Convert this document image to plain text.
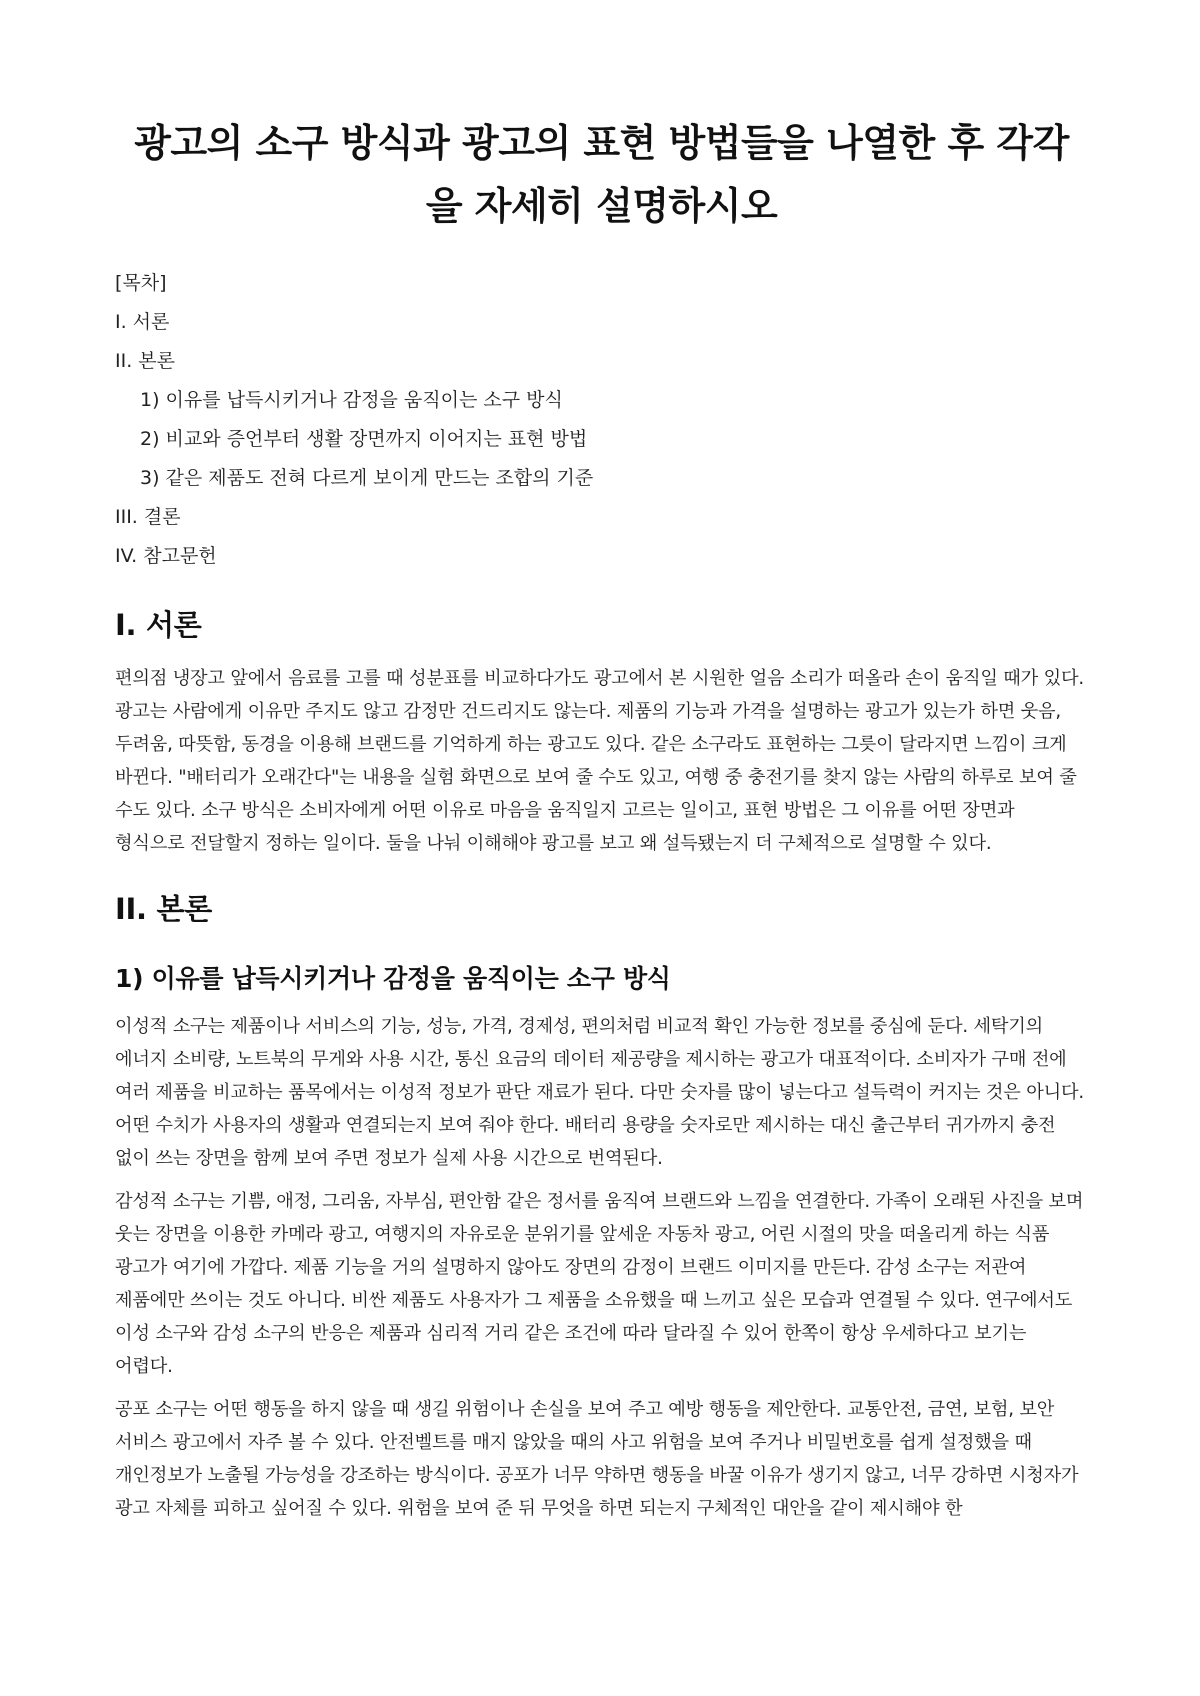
광고의 소구 방식과 광고의 표현 방법들을 나열한 후 각각을 자세히 설명하시오
[목차]
I. 서론
II. 본론
1) 이유를 납득시키거나 감정을 움직이는 소구 방식
2) 비교와 증언부터 생활 장면까지 이어지는 표현 방법
3) 같은 제품도 전혀 다르게 보이게 만드는 조합의 기준
III. 결론
IV. 참고문헌
I. 서론

편의점 냉장고 앞에서 음료를 고를 때 성분표를 비교하다가도 광고에서 본 시원한 얼음 소리가 떠올라 손이 움직일 때가 있다. 광고는 사람에게 이유만 주지도 않고 감정만 건드리지도 않는다. 제품의 기능과 가격을 설명하는 광고가 있는가 하면 웃음, 두려움, 따뜻함, 동경을 이용해 브랜드를 기억하게 하는 광고도 있다. 같은 소구라도 표현하는 그릇이 달라지면 느낌이 크게 바뀐다. "배터리가 오래간다"는 내용을 실험 화면으로 보여 줄 수도 있고, 여행 중 충전기를 찾지 않는 사람의 하루로 보여 줄 수도 있다. 소구 방식은 소비자에게 어떤 이유로 마음을 움직일지 고르는 일이고, 표현 방법은 그 이유를 어떤 장면과 형식으로 전달할지 정하는 일이다. 둘을 나눠 이해해야 광고를 보고 왜 설득됐는지 더 구체적으로 설명할 수 있다.

II. 본론
1) 이유를 납득시키거나 감정을 움직이는 소구 방식

이성적 소구는 제품이나 서비스의 기능, 성능, 가격, 경제성, 편의처럼 비교적 확인 가능한 정보를 중심에 둔다. 세탁기의 에너지 소비량, 노트북의 무게와 사용 시간, 통신 요금의 데이터 제공량을 제시하는 광고가 대표적이다. 소비자가 구매 전에 여러 제품을 비교하는 품목에서는 이성적 정보가 판단 재료가 된다. 다만 숫자를 많이 넣는다고 설득력이 커지는 것은 아니다. 어떤 수치가 사용자의 생활과 연결되는지 보여 줘야 한다. 배터리 용량을 숫자로만 제시하는 대신 출근부터 귀가까지 충전 없이 쓰는 장면을 함께 보여 주면 정보가 실제 사용 시간으로 번역된다.

감성적 소구는 기쁨, 애정, 그리움, 자부심, 편안함 같은 정서를 움직여 브랜드와 느낌을 연결한다. 가족이 오래된 사진을 보며 웃는 장면을 이용한 카메라 광고, 여행지의 자유로운 분위기를 앞세운 자동차 광고, 어린 시절의 맛을 떠올리게 하는 식품 광고가 여기에 가깝다. 제품 기능을 거의 설명하지 않아도 장면의 감정이 브랜드 이미지를 만든다. 감성 소구는 저관여 제품에만 쓰이는 것도 아니다. 비싼 제품도 사용자가 그 제품을 소유했을 때 느끼고 싶은 모습과 연결될 수 있다. 연구에서도 이성 소구와 감성 소구의 반응은 제품과 심리적 거리 같은 조건에 따라 달라질 수 있어 한쪽이 항상 우세하다고 보기는 어렵다.

공포 소구는 어떤 행동을 하지 않을 때 생길 위험이나 손실을 보여 주고 예방 행동을 제안한다. 교통안전, 금연, 보험, 보안 서비스 광고에서 자주 볼 수 있다. 안전벨트를 매지 않았을 때의 사고 위험을 보여 주거나 비밀번호를 쉽게 설정했을 때 개인정보가 노출될 가능성을 강조하는 방식이다. 공포가 너무 약하면 행동을 바꿀 이유가 생기지 않고, 너무 강하면 시청자가 광고 자체를 피하고 싶어질 수 있다. 위험을 보여 준 뒤 무엇을 하면 되는지 구체적인 대안을 같이 제시해야 한
